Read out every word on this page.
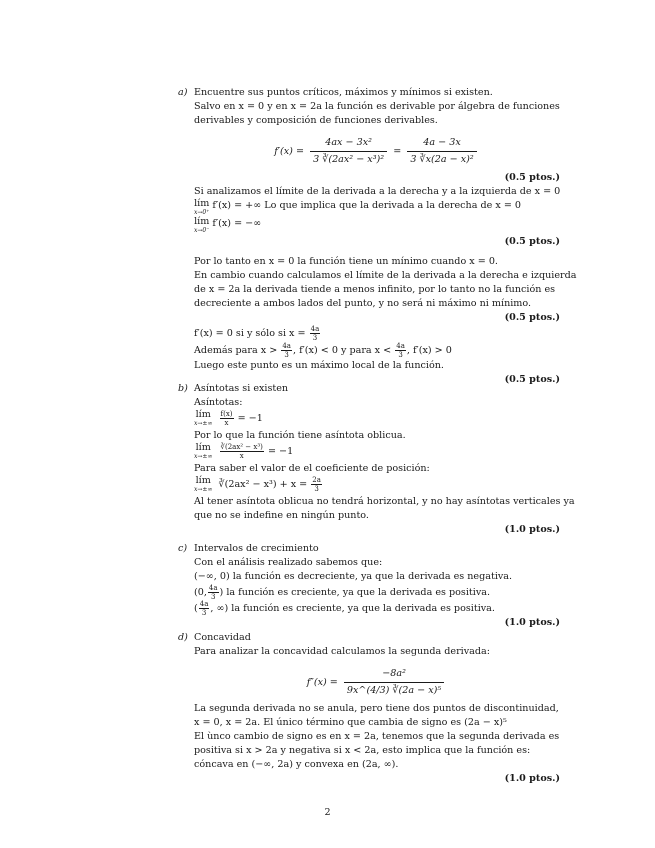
a) Encuentre sus puntos críticos, máximos y mínimos si existen.
Salvo en x = 0 y en x = 2a la función es derivable por álgebra de funciones
derivables y composición de funciones derivables.
$f'(x) = \frac{\text{4ax − 3x²}}{\text{3 ∛(2ax² − x³)²}} = \frac{4a - 3x}{\text{3 ∛x(2a − x)²}}$
(0.5 ptos.)
Si analizamos el límite de la derivada a la derecha y a la izquierda de x = 0
lím
x→0⁺
f′(x) = +∞ Lo que implica que la derivada a la derecha de x = 0
lím
x→0⁻
f′(x) = −∞
(0.5 ptos.)
Por lo tanto en x = 0 la función tiene un mínimo cuando x = 0.
En cambio cuando calculamos el límite de la derivada a la derecha e izquierda
de x = 2a la derivada tiende a menos infinito, por lo tanto no la función es
decreciente a ambos lados del punto, y no será ni máximo ni mínimo.
(0.5 ptos.)
f′(x) = 0 si y sólo si $x = \frac{4a}{3}$
Además para $x > \frac{4a}{3}$ , f′(x) < 0 y para $x < \frac{4a}{3}$ , f′(x) > 0
Luego este punto es un máximo local de la función.
(0.5 ptos.)
b) Asíntotas si existen
Asíntotas:
lím
x→±∞
$\frac{f(x)}{x} = -1$
Por lo que la función tiene asíntota oblicua.
lím
x→±∞
$\frac{\text{∛(2ax² − x³)}}{x} = -1$
Para saber el valor de el coeficiente de posición:
lím
x→±∞ ∛(2ax² − $x^3) + x = \frac{2a}{3}$
Al tener asíntota oblicua no tendrá horizontal, y no hay asíntotas verticales ya
que no se indefine en ningún punto.
(1.0 ptos.)
c) Intervalos de crecimiento
Con el análisis realizado sabemos que:
(−∞, 0) la función es decreciente, ya que la derivada es negativa.
(0, $\frac{4a}{3}$ ) la función es creciente, ya que la derivada es positiva.
( $\frac{4a}{3}$ , ∞) la función es creciente, ya que la derivada es positiva.
(1.0 ptos.)
d) Concavidad
Para analizar la concavidad calculamos la segunda derivada:
$f''(x) = \frac{\text{−8a²}}{\text{9x\textasciicircum{}(4/3) ∛(2a − x)⁵}}$
La segunda derivada no se anula, pero tiene dos puntos de discontinuidad,
x = 0, x = 2a. El único término que cambia de signo es (2a − x)⁵
El ùnco cambio de signo es en x = 2a, tenemos que la segunda derivada es
positiva si x > 2a y negativa si x < 2a, esto implica que la función es:
cóncava en (−∞, 2a) y convexa en (2a, ∞).
(1.0 ptos.)
2
